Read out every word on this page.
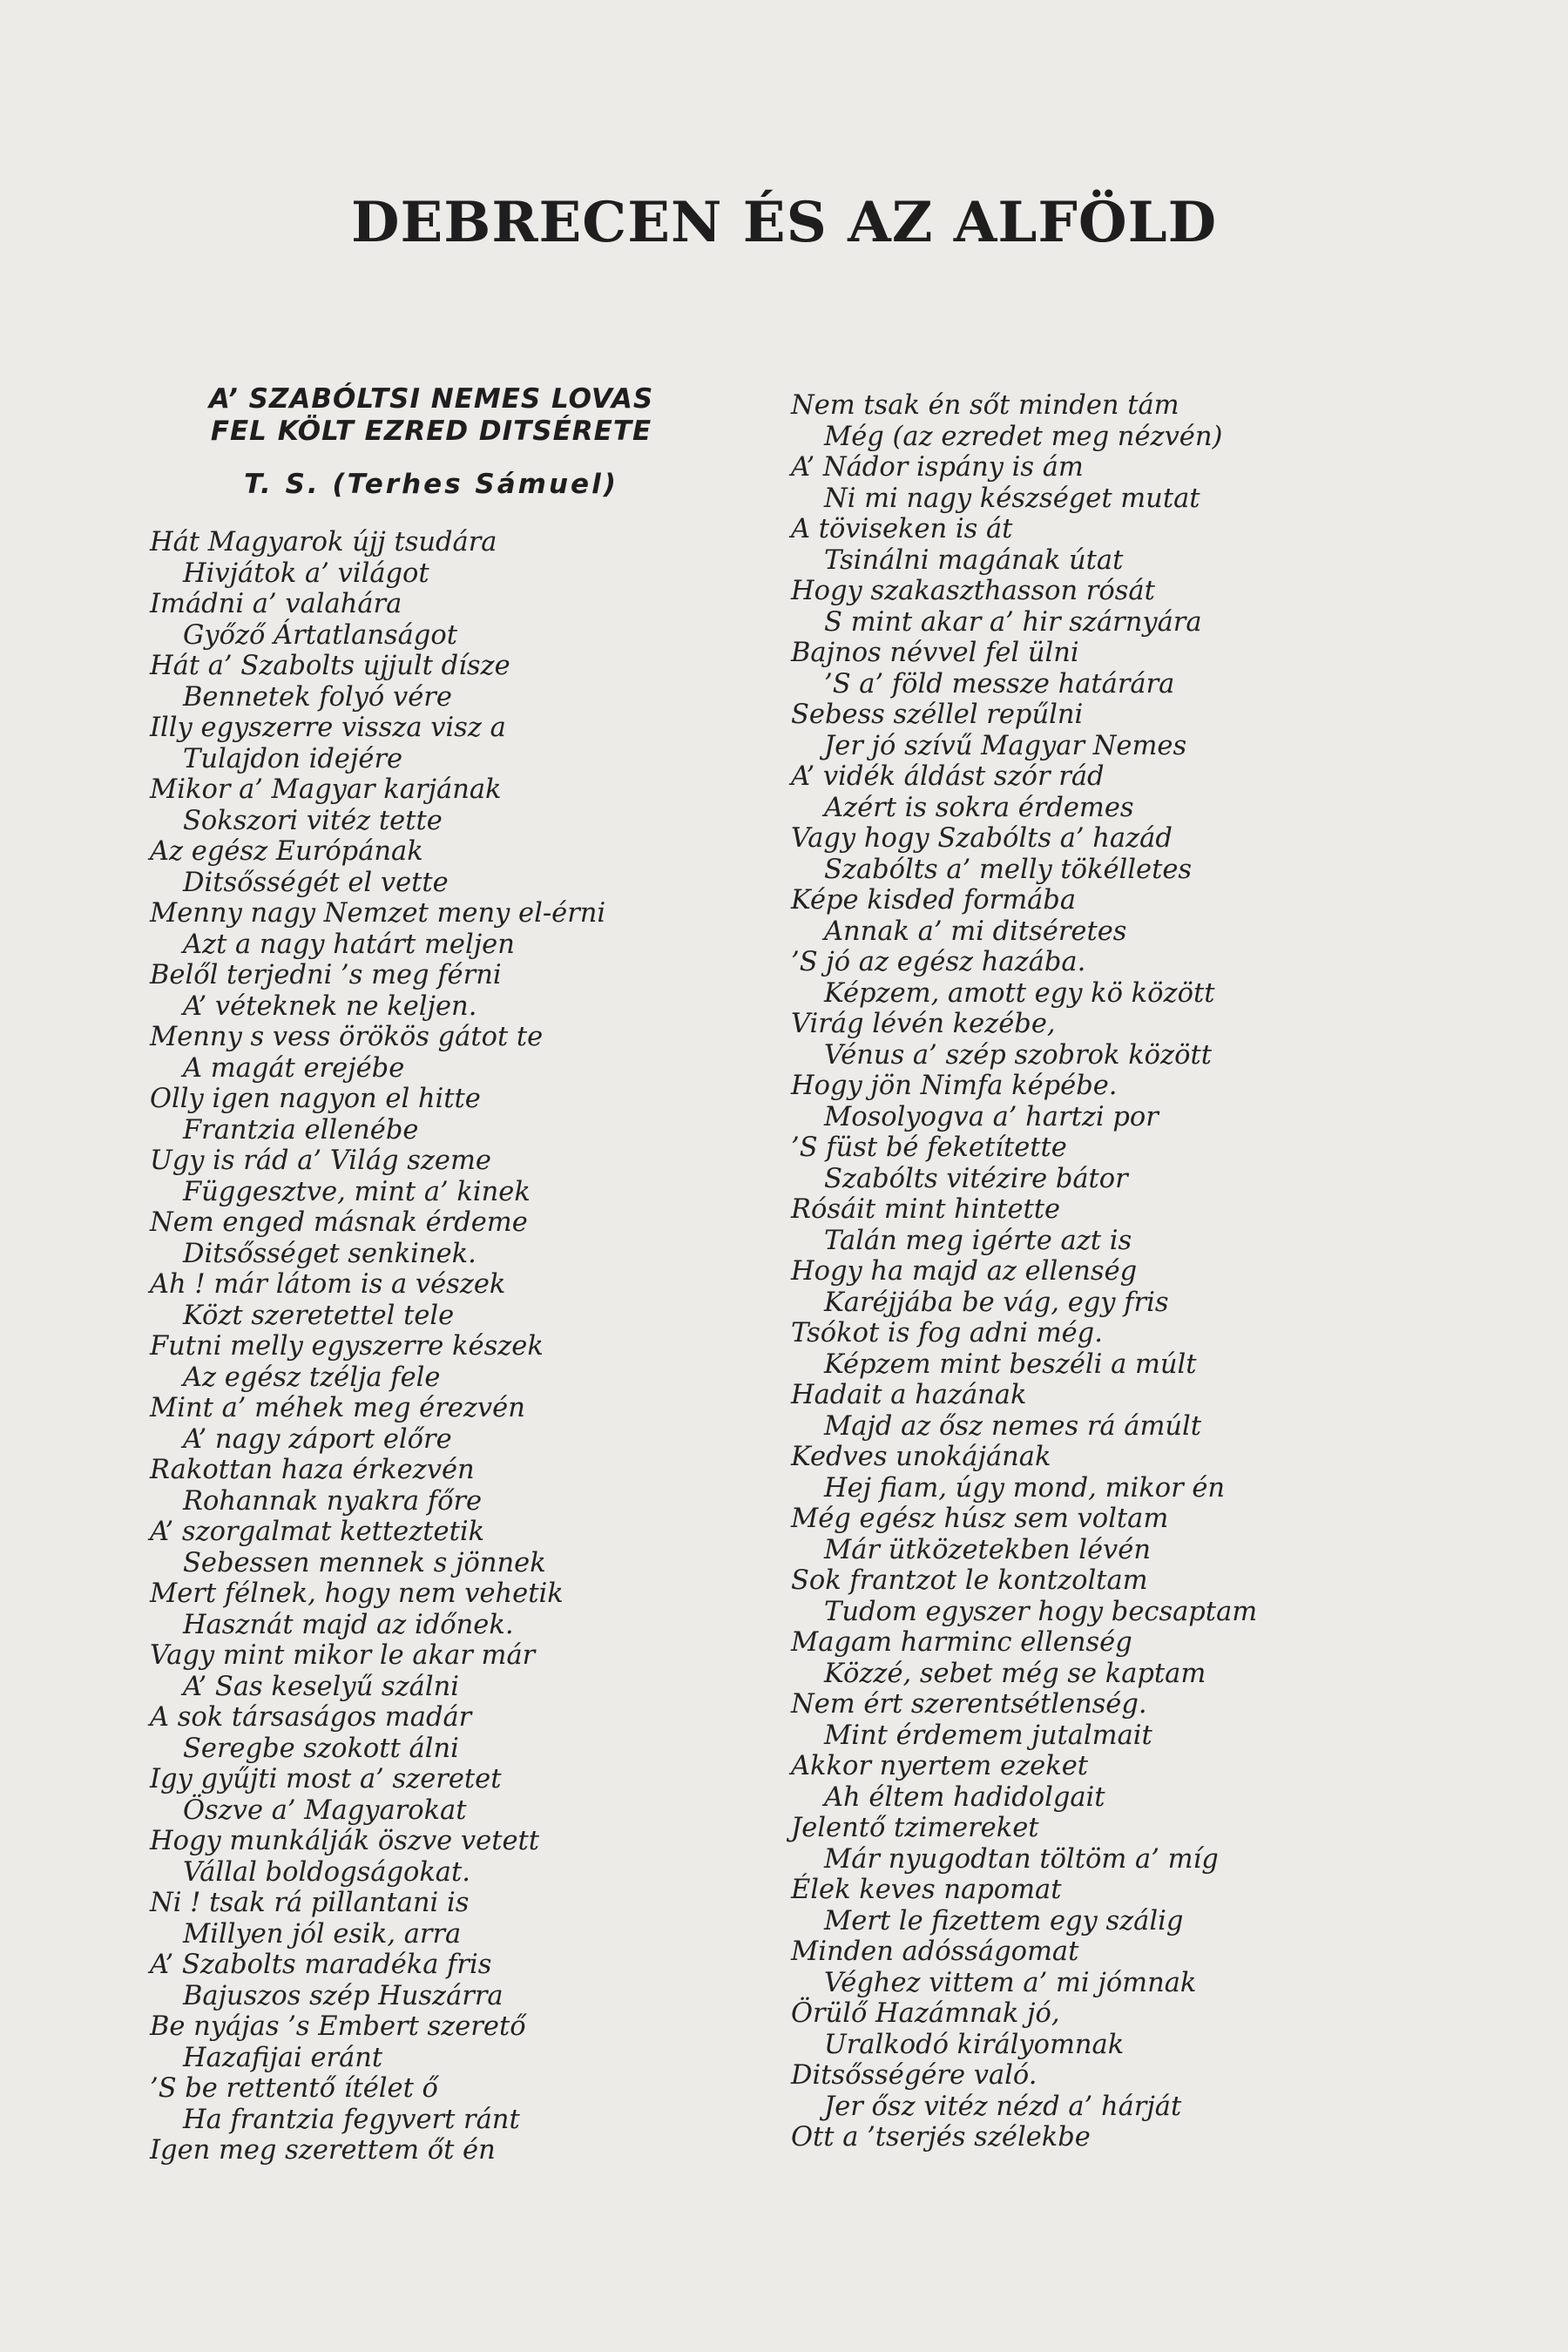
DEBRECEN ÉS AZ ALFÖLD
A’ SZABÓLTSI NEMES LOVAS
FEL KÖLT EZRED DITSÉRETE
T. S. (Terhes Sámuel)
Hát Magyarok újj tsudára
Hivjátok a’ világot
Imádni a’ valahára
Győző Ártatlanságot
Hát a’ Szabolts ujjult dísze
Bennetek folyó vére
Illy egyszerre vissza visz a
Tulajdon idejére
Mikor a’ Magyar karjának
Sokszori vitéz tette
Az egész Európának
Ditsősségét el vette
Menny nagy Nemzet meny el-érni
Azt a nagy határt meljen
Belől terjedni ’s meg férni
A’ véteknek ne keljen.
Menny s vess örökös gátot te
A magát erejébe
Olly igen nagyon el hitte
Frantzia ellenébe
Ugy is rád a’ Világ szeme
Függesztve, mint a’ kinek
Nem enged másnak érdeme
Ditsősséget senkinek.
Ah ! már látom is a vészek
Közt szeretettel tele
Futni melly egyszerre készek
Az egész tzélja fele
Mint a’ méhek meg érezvén
A’ nagy záport előre
Rakottan haza érkezvén
Rohannak nyakra főre
A’ szorgalmat ketteztetik
Sebessen mennek s jönnek
Mert félnek, hogy nem vehetik
Hasznát majd az időnek.
Vagy mint mikor le akar már
A’ Sas keselyű szálni
A sok társaságos madár
Seregbe szokott álni
Igy gyűjti most a’ szeretet
Öszve a’ Magyarokat
Hogy munkálják öszve vetett
Vállal boldogságokat.
Ni ! tsak rá pillantani is
Millyen jól esik, arra
A’ Szabolts maradéka fris
Bajuszos szép Huszárra
Be nyájas ’s Embert szerető
Hazafijai eránt
’S be rettentő ítélet ő
Ha frantzia fegyvert ránt
Igen meg szerettem őt én
Nem tsak én sőt minden tám
Még (az ezredet meg nézvén)
A’ Nádor ispány is ám
Ni mi nagy készséget mutat
A töviseken is át
Tsinálni magának útat
Hogy szakaszthasson rósát
S mint akar a’ hir szárnyára
Bajnos névvel fel ülni
’S a’ föld messze határára
Sebess széllel repűlni
Jer jó szívű Magyar Nemes
A’ vidék áldást szór rád
Azért is sokra érdemes
Vagy hogy Szabólts a’ hazád
Szabólts a’ melly tökélletes
Képe kisded formába
Annak a’ mi ditséretes
’S jó az egész hazába.
Képzem, amott egy kö között
Virág lévén kezébe,
Vénus a’ szép szobrok között
Hogy jön Nimfa képébe.
Mosolyogva a’ hartzi por
’S füst bé feketítette
Szabólts vitézire bátor
Rósáit mint hintette
Talán meg igérte azt is
Hogy ha majd az ellenség
Karéjjába be vág, egy fris
Tsókot is fog adni még.
Képzem mint beszéli a múlt
Hadait a hazának
Majd az ősz nemes rá ámúlt
Kedves unokájának
Hej fiam, úgy mond, mikor én
Még egész húsz sem voltam
Már ütközetekben lévén
Sok frantzot le kontzoltam
Tudom egyszer hogy becsaptam
Magam harminc ellenség
Közzé, sebet még se kaptam
Nem ért szerentsétlenség.
Mint érdemem jutalmait
Akkor nyertem ezeket
Ah éltem hadidolgait
Jelentő tzimereket
Már nyugodtan töltöm a’ míg
Élek keves napomat
Mert le fizettem egy szálig
Minden adósságomat
Véghez vittem a’ mi jómnak
Örülő Hazámnak jó,
Uralkodó királyomnak
Ditsősségére való.
Jer ősz vitéz nézd a’ hárját
Ott a ’tserjés szélekbe
